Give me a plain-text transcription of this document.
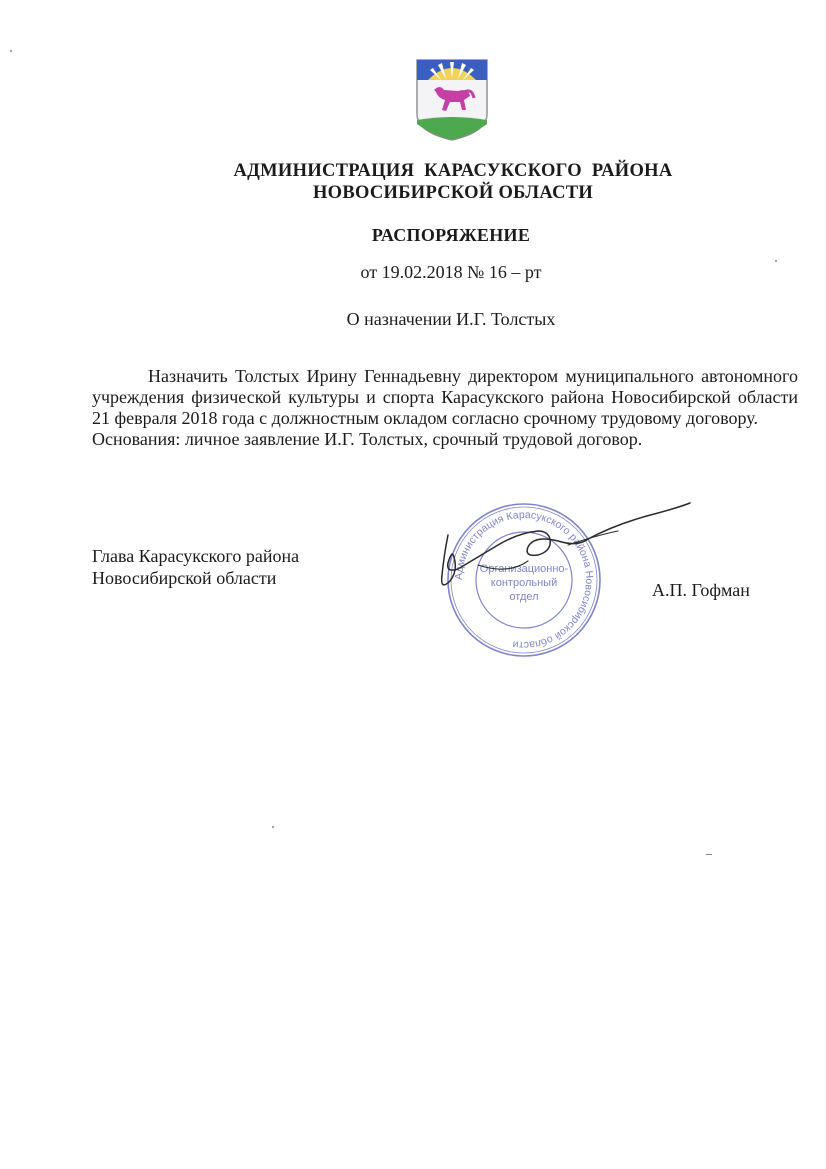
АДМИНИСТРАЦИЯ КАРАСУКСКОГО РАЙОНА
НОВОСИБИРСКОЙ ОБЛАСТИ
РАСПОРЯЖЕНИЕ
от 19.02.2018 № 16 – рт
О назначении И.Г. Толстых

Назначить Толстых Ирину Геннадьевну директором муниципального автономного учреждения физической культуры и спорта Карасукского района Новосибирской области 21 февраля 2018 года с должностным окладом согласно срочному трудовому договору.

Основания: личное заявление И.Г. Толстых, срочный трудовой договор.

Глава Карасукского района
Новосибирской области	Администрация Карасукского района Новосибирской области
Организационно-
контрольный
отдел	А.П. Гофман
